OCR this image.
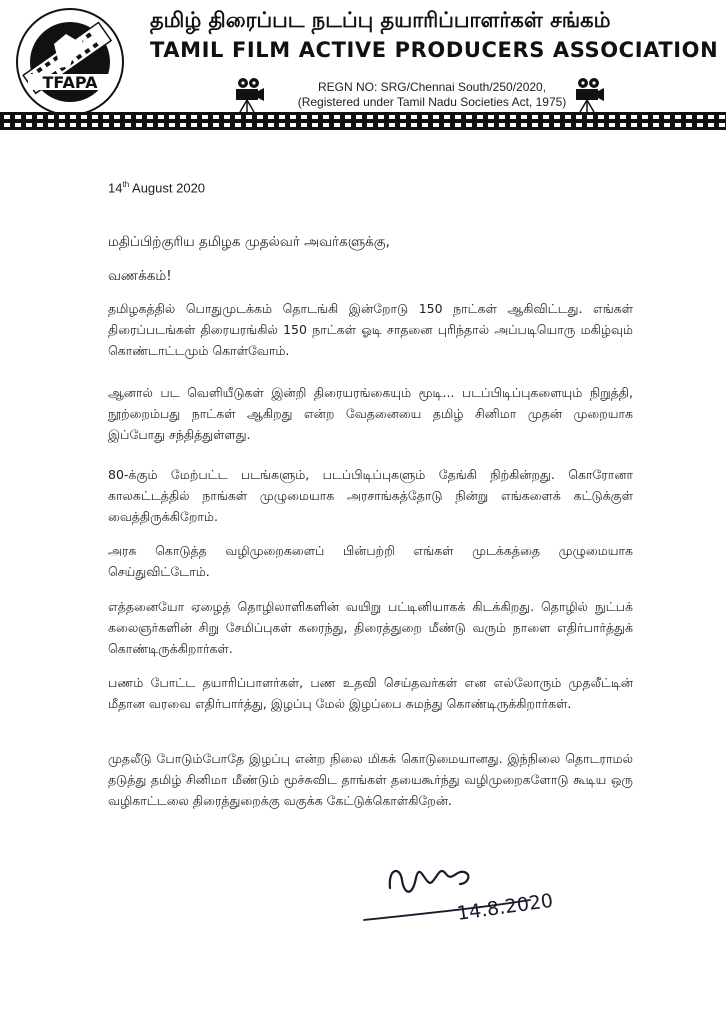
TFAPA
தமிழ் திரைப்பட நடப்பு தயாரிப்பாளர்கள் சங்கம்
TAMIL FILM ACTIVE PRODUCERS ASSOCIATION
REGN NO: SRG/Chennai South/250/2020,
(Registered under Tamil Nadu Societies Act, 1975)
14th August 2020
மதிப்பிற்குரிய தமிழக முதல்வர் அவர்களுக்கு,
வணக்கம்!
தமிழகத்தில் பொதுமுடக்கம் தொடங்கி இன்றோடு 150 நாட்கள் ஆகிவிட்டது. எங்கள் திரைப்படங்கள் திரையரங்கில் 150 நாட்கள் ஓடி சாதனை புரிந்தால் அப்படியொரு மகிழ்வும் கொண்டாட்டமும் கொள்வோம்.
ஆனால் பட வெளியீடுகள் இன்றி திரையரங்கையும் மூடி... படப்பிடிப்புகளையும் நிறுத்தி, நூற்றைம்பது நாட்கள் ஆகிறது என்ற வேதனையை தமிழ் சினிமா முதன் முறையாக இப்போது சந்தித்துள்ளது.
80-க்கும் மேற்பட்ட படங்களும், படப்பிடிப்புகளும் தேங்கி நிற்கின்றது. கொரோனா காலகட்டத்தில் நாங்கள் முழுமையாக அரசாங்கத்தோடு நின்று எங்களைக் கட்டுக்குள் வைத்திருக்கிறோம்.
அரசு கொடுத்த வழிமுறைகளைப் பின்பற்றி எங்கள் முடக்கத்தை முழுமையாக செய்துவிட்டோம்.
எத்தனையோ ஏழைத் தொழிலாளிகளின் வயிறு பட்டினியாகக் கிடக்கிறது. தொழில் நுட்பக் கலைஞர்களின் சிறு சேமிப்புகள் கரைந்து, திரைத்துறை மீண்டு வரும் நாளை எதிர்பார்த்துக் கொண்டிருக்கிறார்கள்.
பணம் போட்ட தயாரிப்பாளர்கள், பண உதவி செய்தவர்கள் என எல்லோரும் முதலீட்டின் மீதான வரவை எதிர்பார்த்து, இழப்பு மேல் இழப்பை சுமந்து கொண்டிருக்கிறார்கள்.
முதலீடு போடும்போதே இழப்பு என்ற நிலை மிகக் கொடுமையானது. இந்நிலை தொடராமல் தடுத்து தமிழ் சினிமா மீண்டும் மூச்சுவிட தாங்கள் தயைகூர்ந்து வழிமுறைகளோடு கூடிய ஒரு வழிகாட்டலை திரைத்துறைக்கு வகுக்க கேட்டுக்கொள்கிறேன்.
14.8.2020
